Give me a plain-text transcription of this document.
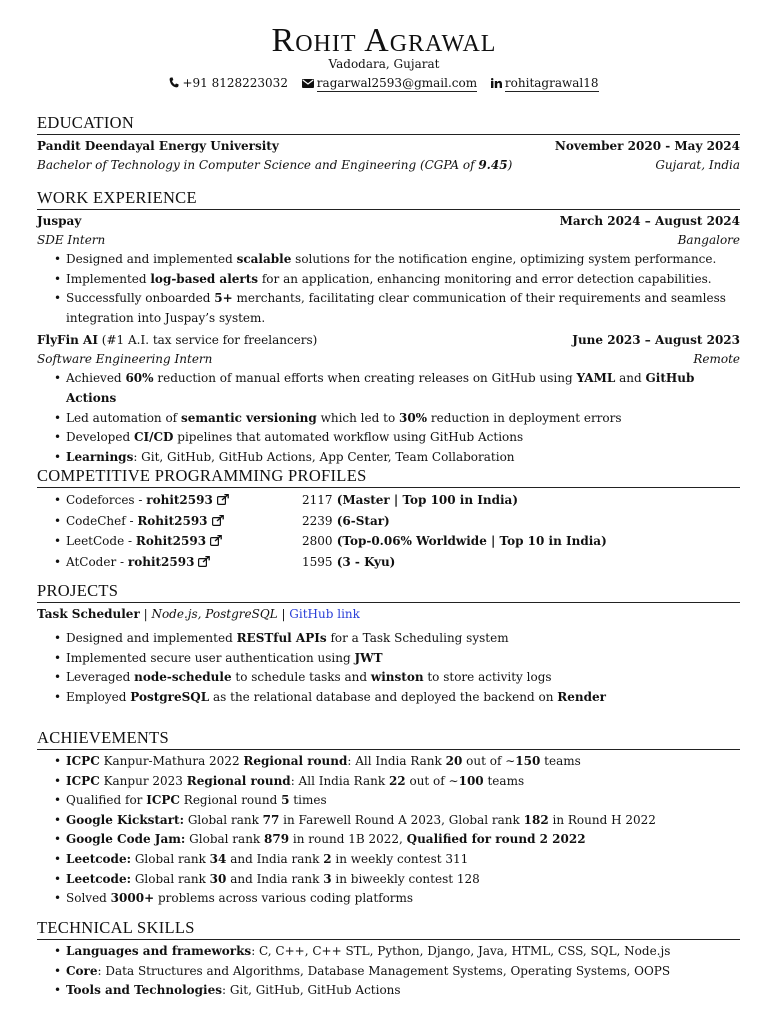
Rohit Agrawal
Vadodara, Gujarat
+91 8128223032 ragarwal2593@gmail.com rohitagrawal18
EDUCATION
Pandit Deendayal Energy University	November 2020 - May 2024
Bachelor of Technology in Computer Science and Engineering (CGPA of 9.45)	Gujarat, India
WORK EXPERIENCE
Juspay	March 2024 – August 2024
SDE Intern	Bangalore
• Designed and implemented scalable solutions for the notification engine, optimizing system performance.
• Implemented log-based alerts for an application, enhancing monitoring and error detection capabilities.
• Successfully onboarded 5+ merchants, facilitating clear communication of their requirements and seamless integration into Juspay’s system.
FlyFin AI (#1 A.I. tax service for freelancers)	June 2023 – August 2023
Software Engineering Intern	Remote
• Achieved 60% reduction of manual efforts when creating releases on GitHub using YAML and GitHub Actions
• Led automation of semantic versioning which led to 30% reduction in deployment errors
• Developed CI/CD pipelines that automated workflow using GitHub Actions
• Learnings: Git, GitHub, GitHub Actions, App Center, Team Collaboration
COMPETITIVE PROGRAMMING PROFILES
• Codeforces - rohit2593	2117 (Master | Top 100 in India)
• CodeChef - Rohit2593	2239 (6-Star)
• LeetCode - Rohit2593	2800 (Top-0.06% Worldwide | Top 10 in India)
• AtCoder - rohit2593	1595 (3 - Kyu)
PROJECTS
Task Scheduler | Node.js, PostgreSQL | GitHub link
• Designed and implemented RESTful APIs for a Task Scheduling system
• Implemented secure user authentication using JWT
• Leveraged node-schedule to schedule tasks and winston to store activity logs
• Employed PostgreSQL as the relational database and deployed the backend on Render
ACHIEVEMENTS
• ICPC Kanpur-Mathura 2022 Regional round: All India Rank 20 out of ∼150 teams
• ICPC Kanpur 2023 Regional round: All India Rank 22 out of ∼100 teams
• Qualified for ICPC Regional round 5 times
• Google Kickstart: Global rank 77 in Farewell Round A 2023, Global rank 182 in Round H 2022
• Google Code Jam: Global rank 879 in round 1B 2022, Qualified for round 2 2022
• Leetcode: Global rank 34 and India rank 2 in weekly contest 311
• Leetcode: Global rank 30 and India rank 3 in biweekly contest 128
• Solved 3000+ problems across various coding platforms
TECHNICAL SKILLS
• Languages and frameworks: C, C++, C++ STL, Python, Django, Java, HTML, CSS, SQL, Node.js
• Core: Data Structures and Algorithms, Database Management Systems, Operating Systems, OOPS
• Tools and Technologies: Git, GitHub, GitHub Actions
